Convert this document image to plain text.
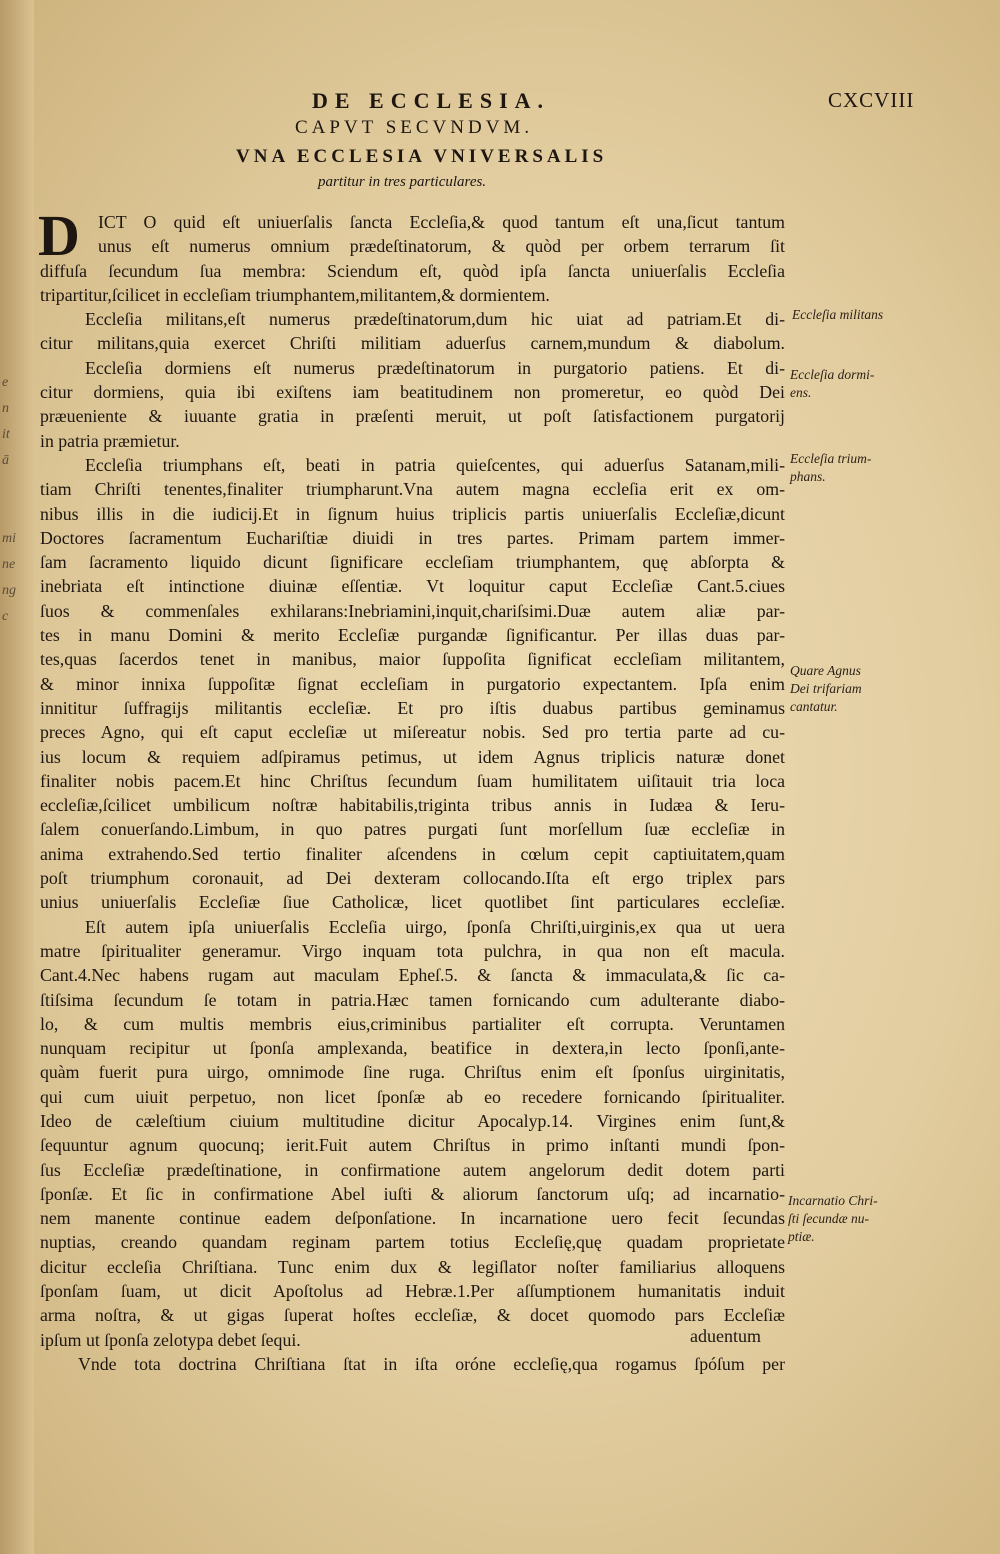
e
n
it
ā
mi
ne
ng
c
DE ECCLESIA.	CXCVIII
CAPVT SECVNDVM.
VNA ECCLESIA VNIVERSALIS
partitur in tres particulares.
D	ICT O quid eſt uniuerſalis ſancta Eccleſia,& quod tantum eſt una,ſicut tantum
unus eſt numerus omnium prædeſtinatorum, & quòd per orbem terrarum ſit
diffuſa ſecundum ſua membra: Sciendum eſt, quòd ipſa ſancta uniuerſalis Eccleſia
tripartitur,ſcilicet in eccleſiam triumphantem,militantem,& dormientem.
Eccleſia militans,eſt numerus prædeſtinatorum,dum hic uiat ad patriam.Et di-
citur militans,quia exercet Chriſti militiam aduerſus carnem,mundum & diabolum.
Eccleſia dormiens eſt numerus prædeſtinatorum in purgatorio patiens. Et di-
citur dormiens, quia ibi exiſtens iam beatitudinem non promeretur, eo quòd Dei
præueniente & iuuante gratia in præſenti meruit, ut poſt ſatisfactionem purgatorij
in patria præmietur.
Eccleſia triumphans eſt, beati in patria quieſcentes, qui aduerſus Satanam,mili-
tiam Chriſti tenentes,finaliter triumpharunt.Vna autem magna eccleſia erit ex om-
nibus illis in die iudicij.Et in ſignum huius triplicis partis uniuerſalis Eccleſiæ,dicunt
Doctores ſacramentum Euchariſtiæ diuidi in tres partes. Primam partem immer-
ſam ſacramento liquido dicunt ſignificare eccleſiam triumphantem, quę abſorpta &
inebriata eſt intinctione diuinæ eſſentiæ. Vt loquitur caput Eccleſiæ Cant.5.ciues
ſuos & commenſales exhilarans:Inebriamini,inquit,chariſsimi.Duæ autem aliæ par-
tes in manu Domini & merito Eccleſiæ purgandæ ſignificantur. Per illas duas par-
tes,quas ſacerdos tenet in manibus, maior ſuppoſita ſignificat eccleſiam militantem,
& minor innixa ſuppoſitæ ſignat eccleſiam in purgatorio expectantem. Ipſa enim
innititur ſuffragijs militantis eccleſiæ. Et pro iſtis duabus partibus geminamus
preces Agno, qui eſt caput eccleſiæ ut miſereatur nobis. Sed pro tertia parte ad cu-
ius locum & requiem adſpiramus petimus, ut idem Agnus triplicis naturæ donet
finaliter nobis pacem.Et hinc Chriſtus ſecundum ſuam humilitatem uiſitauit tria loca
eccleſiæ,ſcilicet umbilicum noſtræ habitabilis,triginta tribus annis in Iudæa & Ieru-
ſalem conuerſando.Limbum, in quo patres purgati ſunt morſellum ſuæ eccleſiæ in
anima extrahendo.Sed tertio finaliter aſcendens in cœlum cepit captiuitatem,quam
poſt triumphum coronauit, ad Dei dexteram collocando.Iſta eſt ergo triplex pars
unius uniuerſalis Eccleſiæ ſiue Catholicæ, licet quotlibet ſint particulares eccleſiæ.
Eſt autem ipſa uniuerſalis Eccleſia uirgo, ſponſa Chriſti,uirginis,ex qua ut uera
matre ſpiritualiter generamur. Virgo inquam tota pulchra, in qua non eſt macula.
Cant.4.Nec habens rugam aut maculam Epheſ.5. & ſancta & immaculata,& ſic ca-
ſtiſsima ſecundum ſe totam in patria.Hæc tamen fornicando cum adulterante diabo-
lo, & cum multis membris eius,criminibus partialiter eſt corrupta. Veruntamen
nunquam recipitur ut ſponſa amplexanda, beatifice in dextera,in lecto ſponſi,ante-
quàm fuerit pura uirgo, omnimode ſine ruga. Chriſtus enim eſt ſponſus uirginitatis,
qui cum uiuit perpetuo, non licet ſponſæ ab eo recedere fornicando ſpiritualiter.
Ideo de cæleſtium ciuium multitudine dicitur Apocalyp.14. Virgines enim ſunt,&
ſequuntur agnum quocunq; ierit.Fuit autem Chriſtus in primo inſtanti mundi ſpon-
ſus Eccleſiæ prædeſtinatione, in confirmatione autem angelorum dedit dotem parti
ſponſæ. Et ſic in confirmatione Abel iuſti & aliorum ſanctorum uſq; ad incarnatio-
nem manente continue eadem deſponſatione. In incarnatione uero fecit ſecundas
nuptias, creando quandam reginam partem totius Eccleſię,quę quadam proprietate
dicitur eccleſia Chriſtiana. Tunc enim dux & legiſlator noſter familiarius alloquens
ſponſam ſuam, ut dicit Apoſtolus ad Hebræ.1.Per aſſumptionem humanitatis induit
arma noſtra, & ut gigas ſuperat hoſtes eccleſiæ, & docet quomodo pars Eccleſiæ
ipſum ut ſponſa zelotypa debet ſequi.
Vnde tota doctrina Chriſtiana ſtat in iſta oróne eccleſię,qua rogamus ſpóſum per
aduentum
Eccleſia militans
Eccleſia dormi-
ens.
Eccleſia trium-
phans.
Quare Agnus
Dei trifariam
cantatur.
Incarnatio Chri-
ſti ſecundæ nu-
ptiæ.
